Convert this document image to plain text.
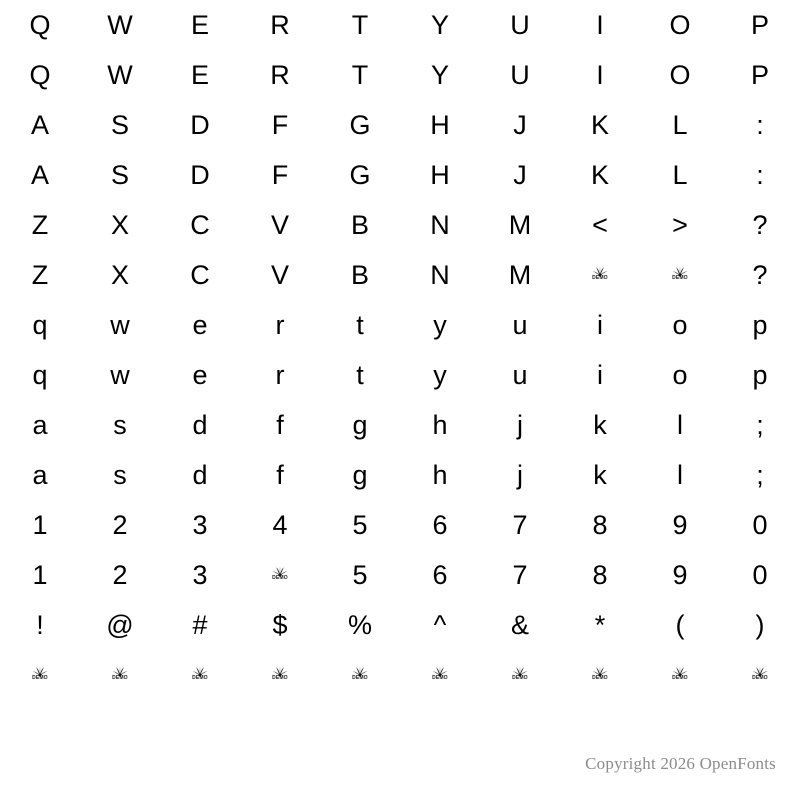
Q W E R T Y U I O P
Q W E R T Y U I O P
A S D F G H J K L	:
A S D F G H J K L	:
Z X C V B N M < > ?
Z X C V B N M	DEMO	DEMO ?
q w e	r	t	y u	i	o p
q w e	r	t	y u	i	o p
a s d	f	g h	j	k	l	;
a s d	f	g h	j	k	l	;
1 2 3 4 5 6 7 8 9 0
1 2 3	DEMO 5 6 7 8 9 0
! @ # $ % ^ & *	(	)
DEMO	DEMO	DEMO	DEMO	DEMO	DEMO	DEMO	DEMO	DEMO	DEMO
Copyright 2026 OpenFonts
